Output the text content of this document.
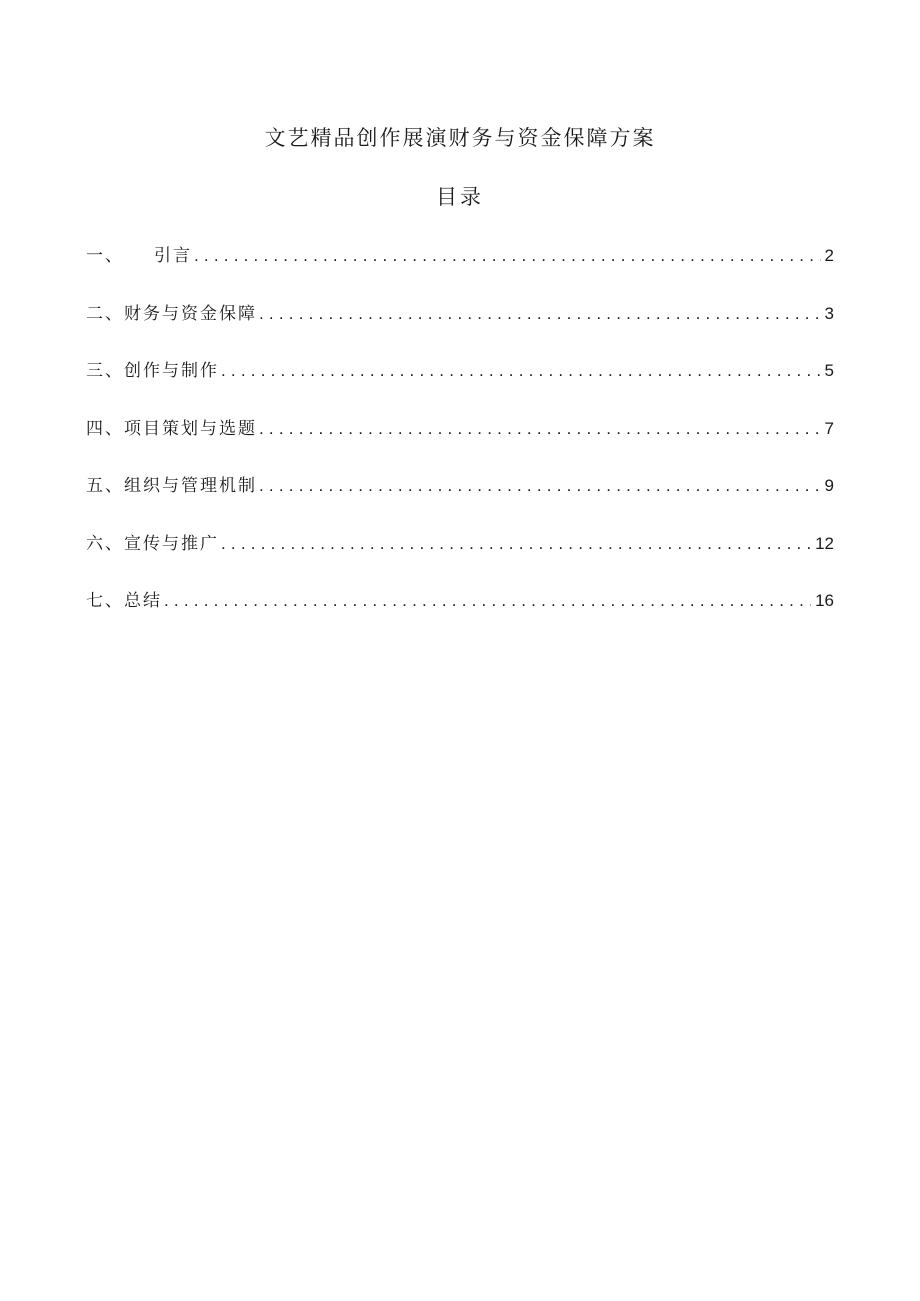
文艺精品创作展演财务与资金保障方案
目录
一、 引言 .....	2
二、财务与资金保障 .....	3
三、创作与制作 .....	5
四、项目策划与选题 .....	7
五、组织与管理机制 .....	9
六、宣传与推广 .....	12
七、总结 .....	16
